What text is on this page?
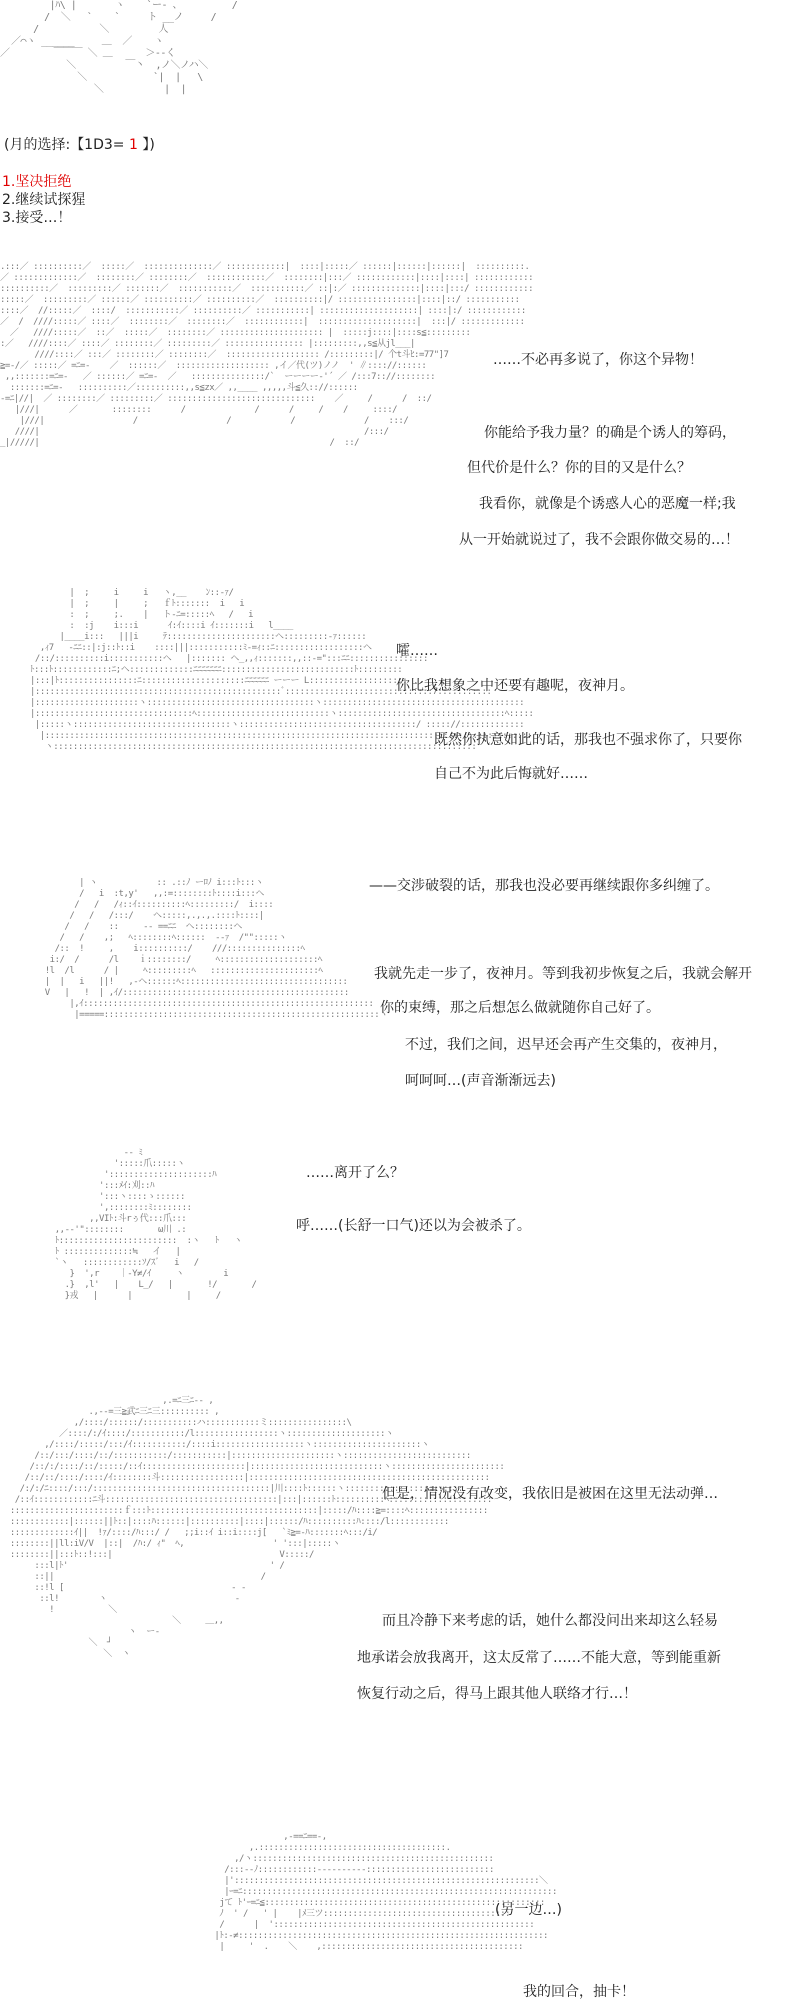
|ﾊ\ |       ヽ    `ー‐ 、         /
/  ＼   `    `     ト __ノ     /
/           ＼         人
／⌒ヽ ______     ＿  ／    ヽ
／        ￣￣￣ ＼ ＿      ＞‐‐く
＼         ￣丶  ,ノ＼ノハ＼
＼            `|  |   \
＼           |  |
(月的选择:【1D3= 1 】)
1.坚决拒绝
2.继续试探猩
3.接受…！
.:::／ ::::::::::／  :::::／  ::::::::::::::／ ::::::::::::|  ::::|:::::／ ::::::|::::::|::::::|  ::::::::::.
／ :::::::::::::／  ::::::::／ ::::::::／  ::::::::::::／  ::::::::|:::／ ::::::::::::|::::|::::| ::::::::::::
::::::::::／  :::::::::／ :::::::／  :::::::::::／  :::::::::::／ ::|:／ ::::::::::::::|::::|:::/ ::::::::::::
:::::／  :::::::::／ ::::::／ ::::::::::／ ::::::::::／  ::::::::::|/ ::::::::::::::::|::::|::/ :::::::::::
::::／  //:::::／  ::::/  :::::::::::／ ::::::::::／ :::::::::::| ::::::::::::::::::::| ::::|:/ ::::::::::::
／  /  ////:::::／ ::::／  ::::::::／  ::::::::／  ::::::::::::|  ::::::::::::::::::::|  :::|/ :::::::::::::
／   ////:::::／  ::／  :::::／  ::::::::／ ::::::::::::::::::::: |  :::::j::::|::::s≦:::::::::
:／   ////::::／ ::::／ ::::::::／ :::::::::／ :::::::::::::::: |:::::::::,,s≦从jl___|
////::::／ :::／ ::::::::／ ::::::::／  ::::::::::::::::::: /:::::::::|/ 个t斗ﾋ:=77"]7
≧=-/／ :::::／ =ﾆ=-    ／  ::::::／  ::::::::::::::::::: ,イ／代(ツ)ノノ  ' ∥:::://::::::
,,:::::::=ﾆ=-   ／ ::::::／ =ﾆ=-  ／   :::::::::::::::/`  ーーーー‐'´ ／ /:::7:://::::::::
:::::::=ﾆ=-   ::::::::::／::::::::::,,s≦zx／ ,,____ ,,,,,斗≦久:://::::::
-=ﾆ|//|  ／ ::::::::／ :::::::::／ ::::::::::::::::::::::::::::::    ／     /      /  ::/
|///|      ／       ::::::::      /              /      /     /    /     ::::/
|///|                  /                  /            /              /    :::/
////|                                                                  /:::/
_|/////|                                                           /  ::/
……不必再多说了，你这个异物！
你能给予我力量？的确是个诱人的筹码，
但代价是什么？你的目的又是什么？
我看你，就像是个诱惑人心的恶魔一样;我
从一开始就说过了，我不会跟你做交易的…！
|  ;     i     i   ヽ,__    ﾝ::-ｧ/
|  ;     |     ;   ｆﾄ:::::::  i   i
:  ;     ;.    |   ト‐ﾆ=:::::ﾍ   /   i
:  :j    i:::i      ｲ:ｲ::::i ｲ:::::::i   l____
|____i:::   |||i     ﾃ::::::::::::::::::::::ヘ:::::::::-ｧ::::::
,ｨ7   -ﾆﾆ::|:j::ﾄ::i    ::::|||:::::::::::ﾐ‐=ｨ::ﾆ::::::::::::::::::ヘ
/::/::::::::::i:::::::::::ヘ   |::::::: ヘ_,,ｨ:::::::,,::-=":::ﾆﾆ::::::::::::::::
ﾄ:::ﾄ::::::::::::ﾆ;ヘ:::::::::::::ﾆﾆﾆﾆﾆﾆﾆ:::::::::::::::::::::::::::ﾄ:::::::::
|:::|ﾄ::::::::::::::::ﾆ:::::::::::::::::::::ﾆﾆﾆﾆﾆﾆ ーーー L::::::::::::::::::::
|::::::::::::::::::::::::::::::::::::::::::::::::::ﾞ::::::::::::::::::::::::::::::7:::::::::::
|:::::::::::::::::::::ヽ::::::::::::::::::::::::::::::::::ヽ:::::::::::::::::::::::::::::::::::::::::
|::::::::::::::::::::::::::::::::ﾍ:::::::::::::::::::::::::::ヽ::::::::::::::::::::::::::::::::::ﾍ:::::
|:::::ヽ::::::::::::::::::::::::::::::::ヽ::::::::::::::::::::::::::::::::::::/ ::::://:::::::::::::
|:::::::::::::::::::::::::::::::::::::::::::::::::::::::::::::::::::::::::::::::::::::::::::::::::::
ヽ::::::::::::::::::::::::::::::::::::::::::::::::::::::::::::::::::::::::::::::::::::::
嚯……
你比我想象之中还要有趣呢，夜神月。
既然你执意如此的话，那我也不强求你了，只要你
自己不为此后悔就好……
| ヽ            :: .::ﾉ ーﾛﾉ i:::ﾄ:::ヽ
/   i  :t,y'   ,,:=::::::::ﾄ::::i:::ヘ
/   /   /ｨ::ｲ::::::::::ﾍ:::::::::/  i::::
/   /   /:::/    ヘ:::::,.,.,.::::ﾄ::::|
/   /    ::     ‐‐ ==ﾆﾆ  ヘ::::::::ヘ
/   /    ,;   ﾍ::::::::ﾍ::::::  ‐‐ｧ  /"":::::ヽ
/::  !     ,    i::::::::::/    ///:::::::::::::::ﾍ
i:/  /      /l    ｉ::::::::/     ﾍ::::::::::::::::::::ﾍ
!l  /l      / |     ﾍ:::::::::ﾍ   ::::::::::::::::::::::ﾍ
|  |   i   ||!   ,‐ヘ::::::ﾍ::::::::::::::::::::::::::::::::::
V   |   !  | ,ｲ/::::::::::::::::::::::::::::::::::::::::::::::
|,ｲ:::::::::::::::::::::::::::::::::::::::::::::::::::::::::::
|=====::::::::::::::::::::::::::::::::::::::::::::::::::::::::ヽ
——交涉破裂的话，那我也没必要再继续跟你多纠缠了。
我就先走一步了，夜神月。等到我初步恢复之后，我就会解开
你的束缚，那之后想怎么做就随你自己好了。
不过，我们之间，迟早还会再产生交集的，夜神月，
呵呵呵…(声音渐渐远去)
‐‐ ﾐ
':::::爪:::::ヽ
':::::::::::::::::::::ﾊ
':::ﾒｲ:刈::ﾊ
':::ヽ::::ゝ::::::
',::::::::ﾐ::::::::
,,VIﾄ:斗rぅ代:::爪:::
,,-‐'"::::::::       ω川 .:
ﾄ::::::::::::::::::::::::  :ヽ   ﾄ   ヽ
ﾄ ::::::::::::::≒   イ   |
`ヽ   ::::::::::::ｿ/ｽﾞ   i   /
}  ',r    ｜‐Y≠/ｲ     ヽ        i
.}  ,l'   |    L_/   |       !/       /
}戎   |      |           |     /
……离开了么？
呼……(长舒一口气)还以为会被杀了。
,.=ﾆ三ﾆ-- ,
.,-‐=三≧武ﾆ三ﾆ三:::::::::: ,
,/::::/::::::/:::::::::::ハ:::::::::::ミ::::::::::::::::\
／::::/:/ｲ::::/:::::::::::/l:::::::::::::::::ヽ::::::::::::::::::::ヽ
,/::::/:::::/:::/ｲ:::::::::::/::::i::::::::::::::::::ヽ::::::::::::::::::::::ヽ
/::/:::/::::/::/:::::::::::/:::::::::::|:::::::::::::::::::::ヽ::::::::::::::::::::::::::
/::/:/::::/::/:::::/::ｲ:::::::::::::::::::::|:::::::::::::::::::::::::::ヽ:::::::::::::::::::::::
/::/::/::::/::::/ｲ::::::::斗:::::::::::::::::|:::::::::::::::::::::::::::::::::::::::::::::::::
/:/:/ﾆ::::/:::/::::::::::::::::::::::::::::::::::::|川::::ﾄ::::::ヽ::::::::::::::::::::::::
/::ｲ::::::::::::ﾆ斗:::::::::::::::::::::::::::::::::::|:::|::::::ﾄ::::::::::ﾍ:::::::::::::::::::::
:::::::::::::::::::::::ｆ:::ﾄ::::::::::::::::::::::::::::::::::|:::::/ﾊ::::≧=::::ﾍ::::::::::::::::
::::::::::::|::::::||ﾄ::|::::ﾊ::::::|::::::::::|::::|::::::/ﾊ::::::::::ﾊ::::/l::::::::::::
:::::::::::::ｲ||  !ｧ/::::/ﾊ:::/ /   ;;i::ｲ i::i::::j[   `ﾐ≧=-ﾊ:::::::ﾍ:::/i/
::::::::||ll:iV/V  |::|  /ﾊ:/ ｨ"  ﾍ,                  ' ':::|:::::ヽ
::::::::||:::ﾄ::!:::|                                  V:::::/
:::l|ﾄ'                                         ' /
::||                                          /
::!l [                                  ‐ ‐
::l!        ヽ                          ‐
!           ＼
＼     ＿,,
ヽ  ー‐
＼  ┘
＼  ヽ
但是，情况没有改变，我依旧是被困在这里无法动弹…
而且冷静下来考虑的话，她什么都没问出来却这么轻易
地承诺会放我离开，这太反常了……不能大意，等到能重新
恢复行动之后，得马上跟其他人联络才行…！
,-==ﾆ==-,
,.::::::::::::::::::::::::::::::::::::::.
,/ヽ:::::::::::::::::::::::::::::::::::::::::::::::::
/:::‐-ﾉ::::::::::::‐‐‐-------::::::::::::::::::::::::::
|'::::::::::::::::::::::::::::::::::::::::::::::::::::::::::::::＼
|ｰ=ﾆ::::::::::::::::::::::::::::::::::::::::::::::::::::::::::::::::
jて ﾄ'ｰ=ﾆ≦:::::::::::::::::::::::::::::::::::::::::::::::::::::::::
ﾉ  ' /   ' |    |ﾒ三ツ::::::::::::::::::::::::::::::::::::::
/      |  ':::::::::::::::::::::::::::::::::::::::::::::::::::::
|ﾄ:‐≠:::::::::::::::::::::::::::::::::::::::::::::::::::::::::::::::
|     '  .    ＼    ,:::::::::::::::::::::::::::::::::::::::::
(另一边…)
我的回合，抽卡！
